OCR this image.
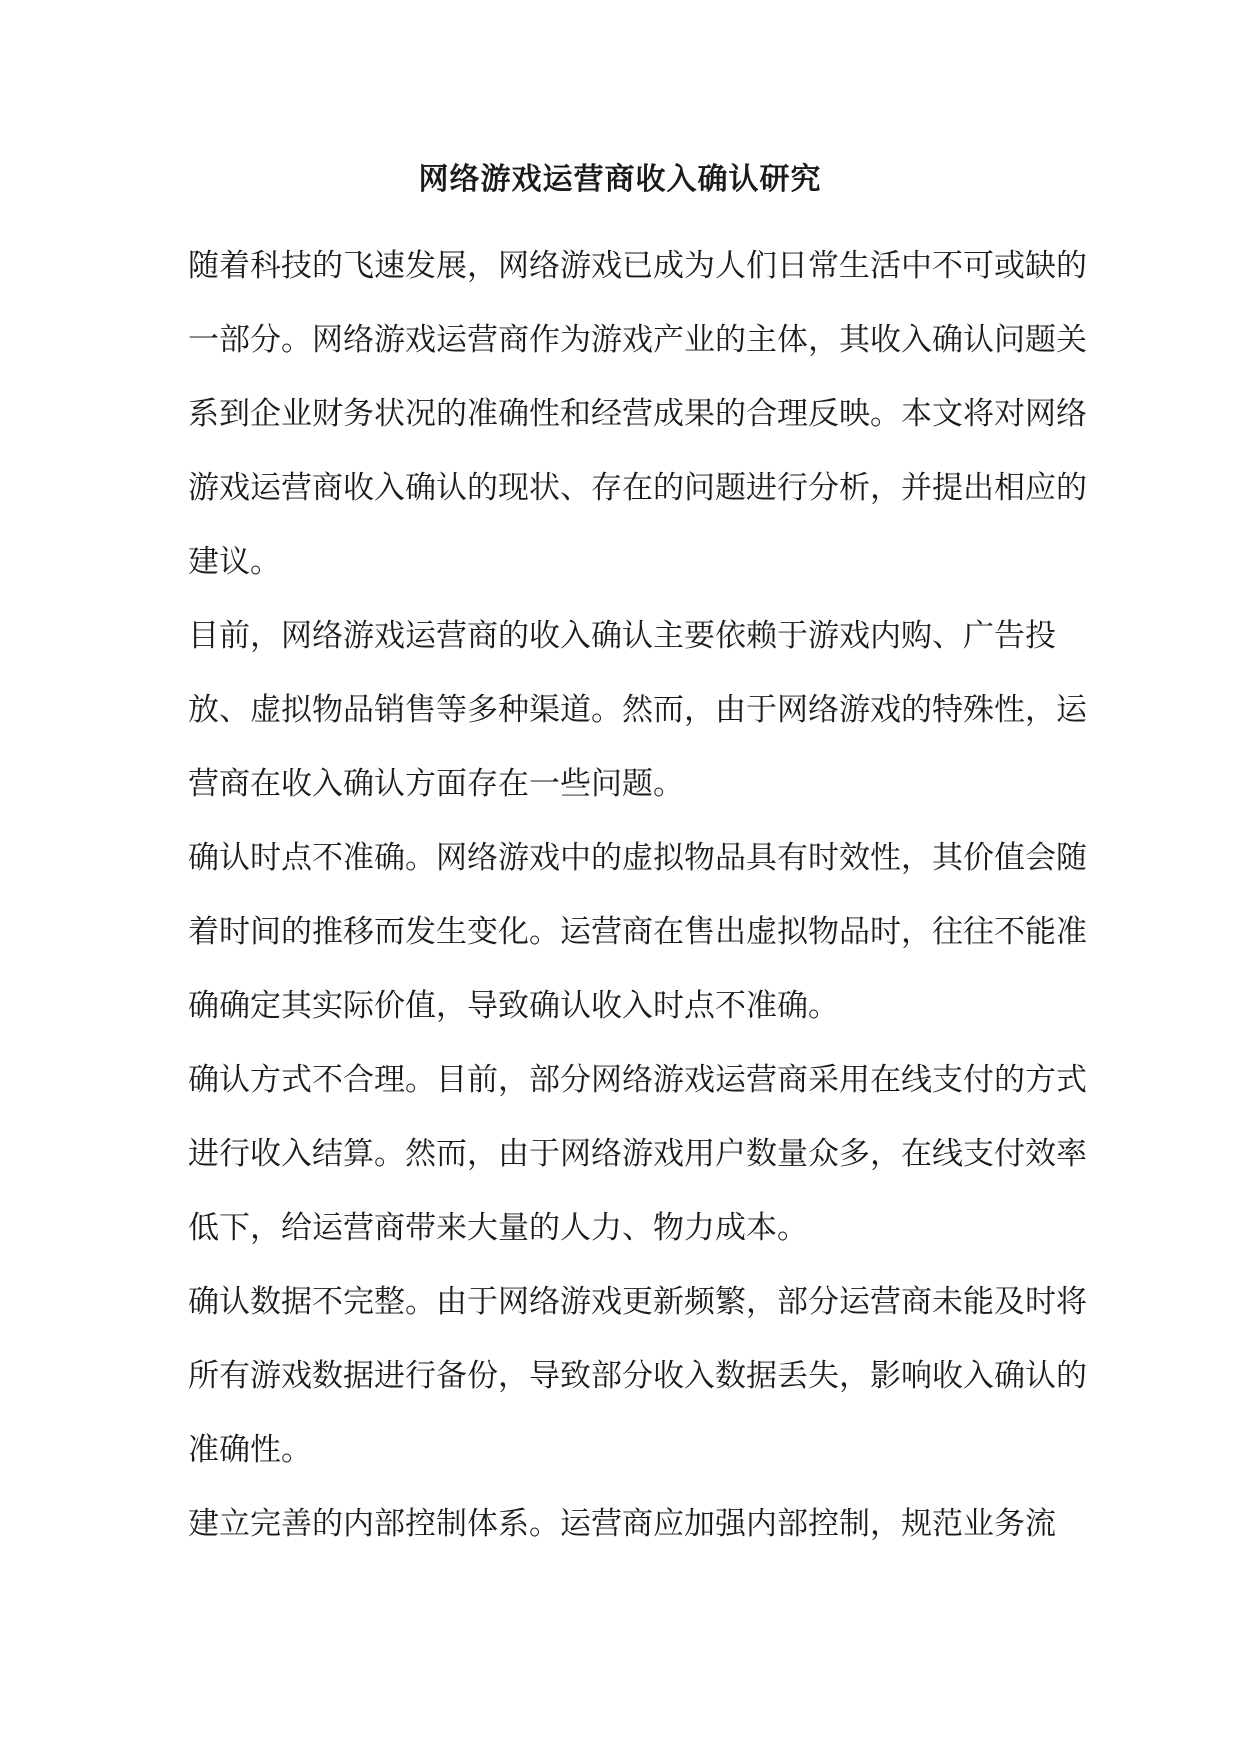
网络游戏运营商收入确认研究
随着科技的飞速发展，网络游戏已成为人们日常生活中不可或缺的
一部分。网络游戏运营商作为游戏产业的主体，其收入确认问题关
系到企业财务状况的准确性和经营成果的合理反映。本文将对网络
游戏运营商收入确认的现状、存在的问题进行分析，并提出相应的
建议。
目前，网络游戏运营商的收入确认主要依赖于游戏内购、广告投
放、虚拟物品销售等多种渠道。然而，由于网络游戏的特殊性，运
营商在收入确认方面存在一些问题。
确认时点不准确。网络游戏中的虚拟物品具有时效性，其价值会随
着时间的推移而发生变化。运营商在售出虚拟物品时，往往不能准
确确定其实际价值，导致确认收入时点不准确。
确认方式不合理。目前，部分网络游戏运营商采用在线支付的方式
进行收入结算。然而，由于网络游戏用户数量众多，在线支付效率
低下，给运营商带来大量的人力、物力成本。
确认数据不完整。由于网络游戏更新频繁，部分运营商未能及时将
所有游戏数据进行备份，导致部分收入数据丢失，影响收入确认的
准确性。
建立完善的内部控制体系。运营商应加强内部控制，规范业务流
